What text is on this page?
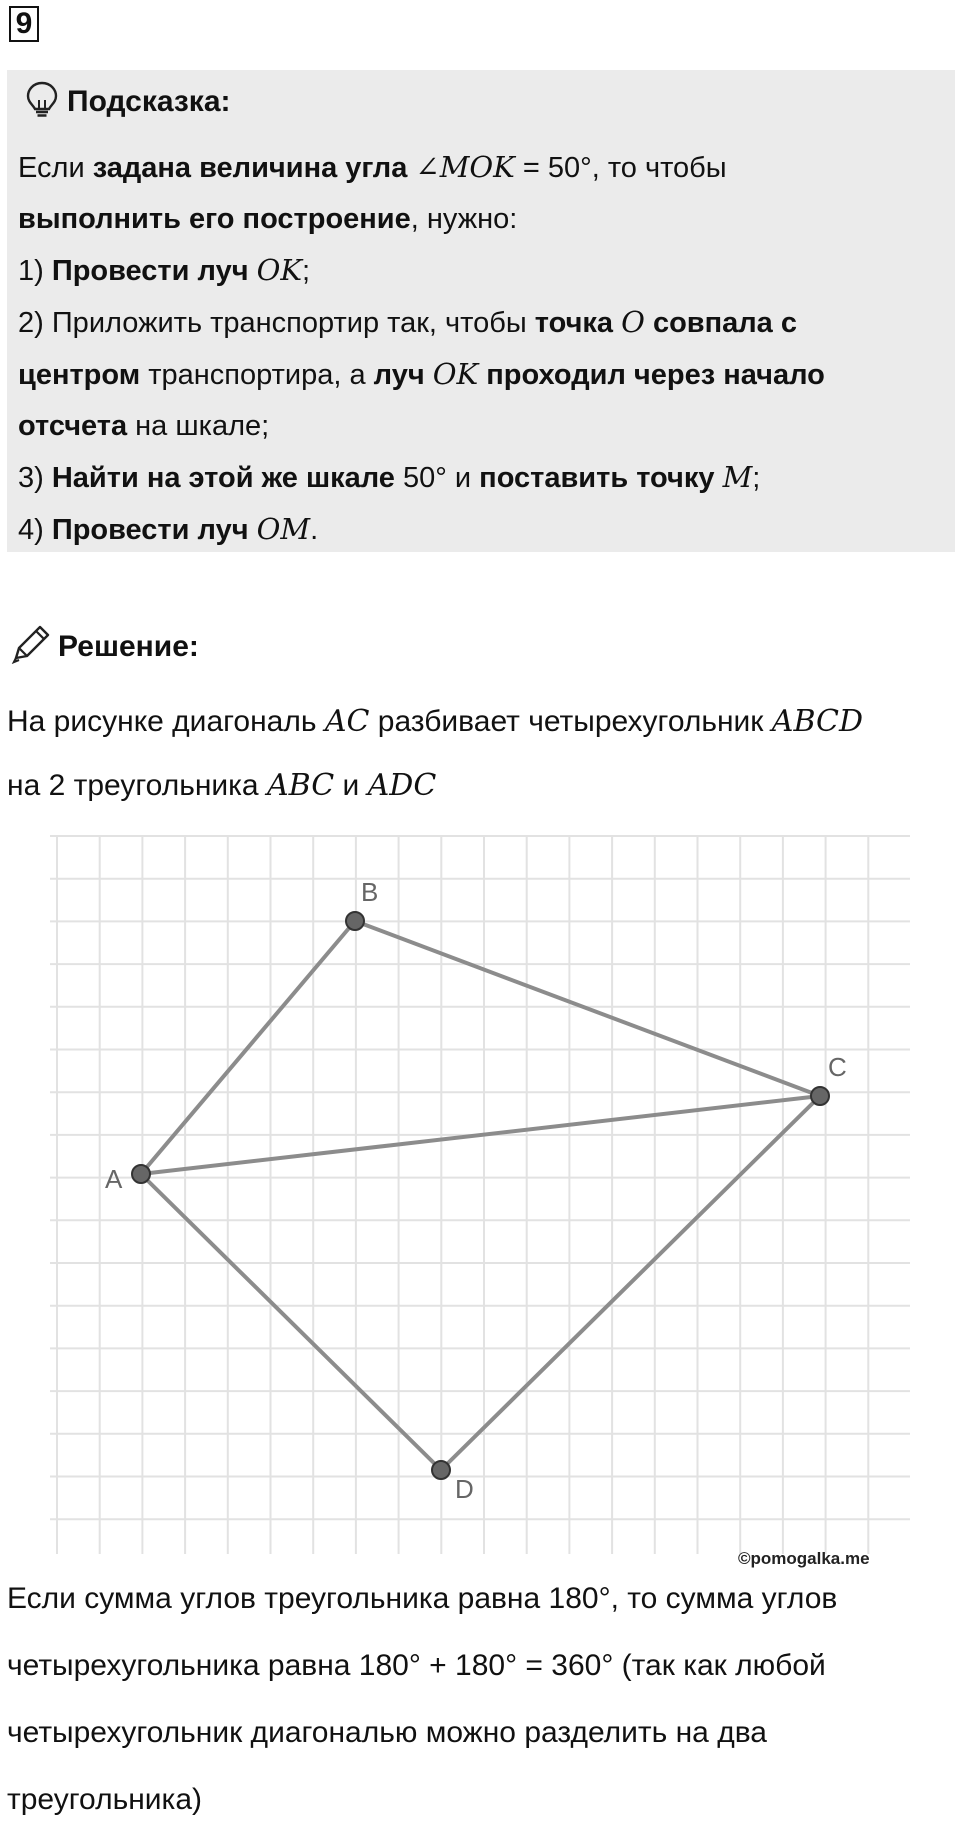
9
Подсказка:

Если задана величина угла ∠MOK = 50°, то чтобы

выполнить его построение, нужно:

1) Провести луч OK;

2) Приложить транспортир так, чтобы точка O совпала с

центром транспортира, а луч OK проходил через начало

отсчета на шкале;

3) Найти на этой же шкале 50° и поставить точку M;

4) Провести луч OM.

Решение:

На рисунке диагональ AC разбивает четырехугольник ABCD

на 2 треугольника ABC и ADC

A
B
C
D
©pomogalka.me

Если сумма углов треугольника равна 180°, то сумма углов

четырехугольника равна 180° + 180° = 360° (так как любой

четырехугольник диагональю можно разделить на два

треугольника)
